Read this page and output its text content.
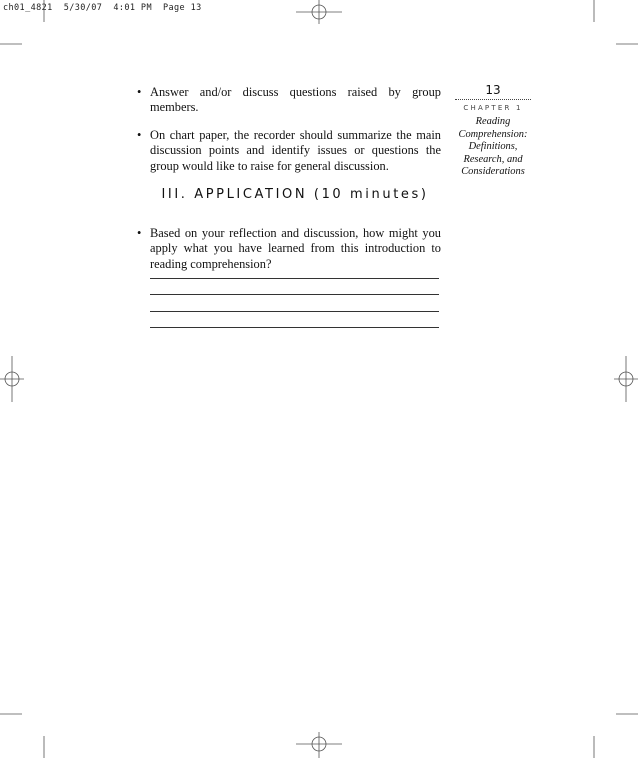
ch01_4821  5/30/07  4:01 PM  Page 13
• Answer and/or discuss questions raised by group members.
• On chart paper, the recorder should summarize the main discussion points and identify issues or questions the group would like to raise for general discussion.
III. APPLICATION (10 minutes)
• Based on your reflection and discussion, how might you apply what you have learned from this introduction to reading comprehension?
13
CHAPTER 1
Reading
Comprehension:
Definitions,
Research, and
Considerations
